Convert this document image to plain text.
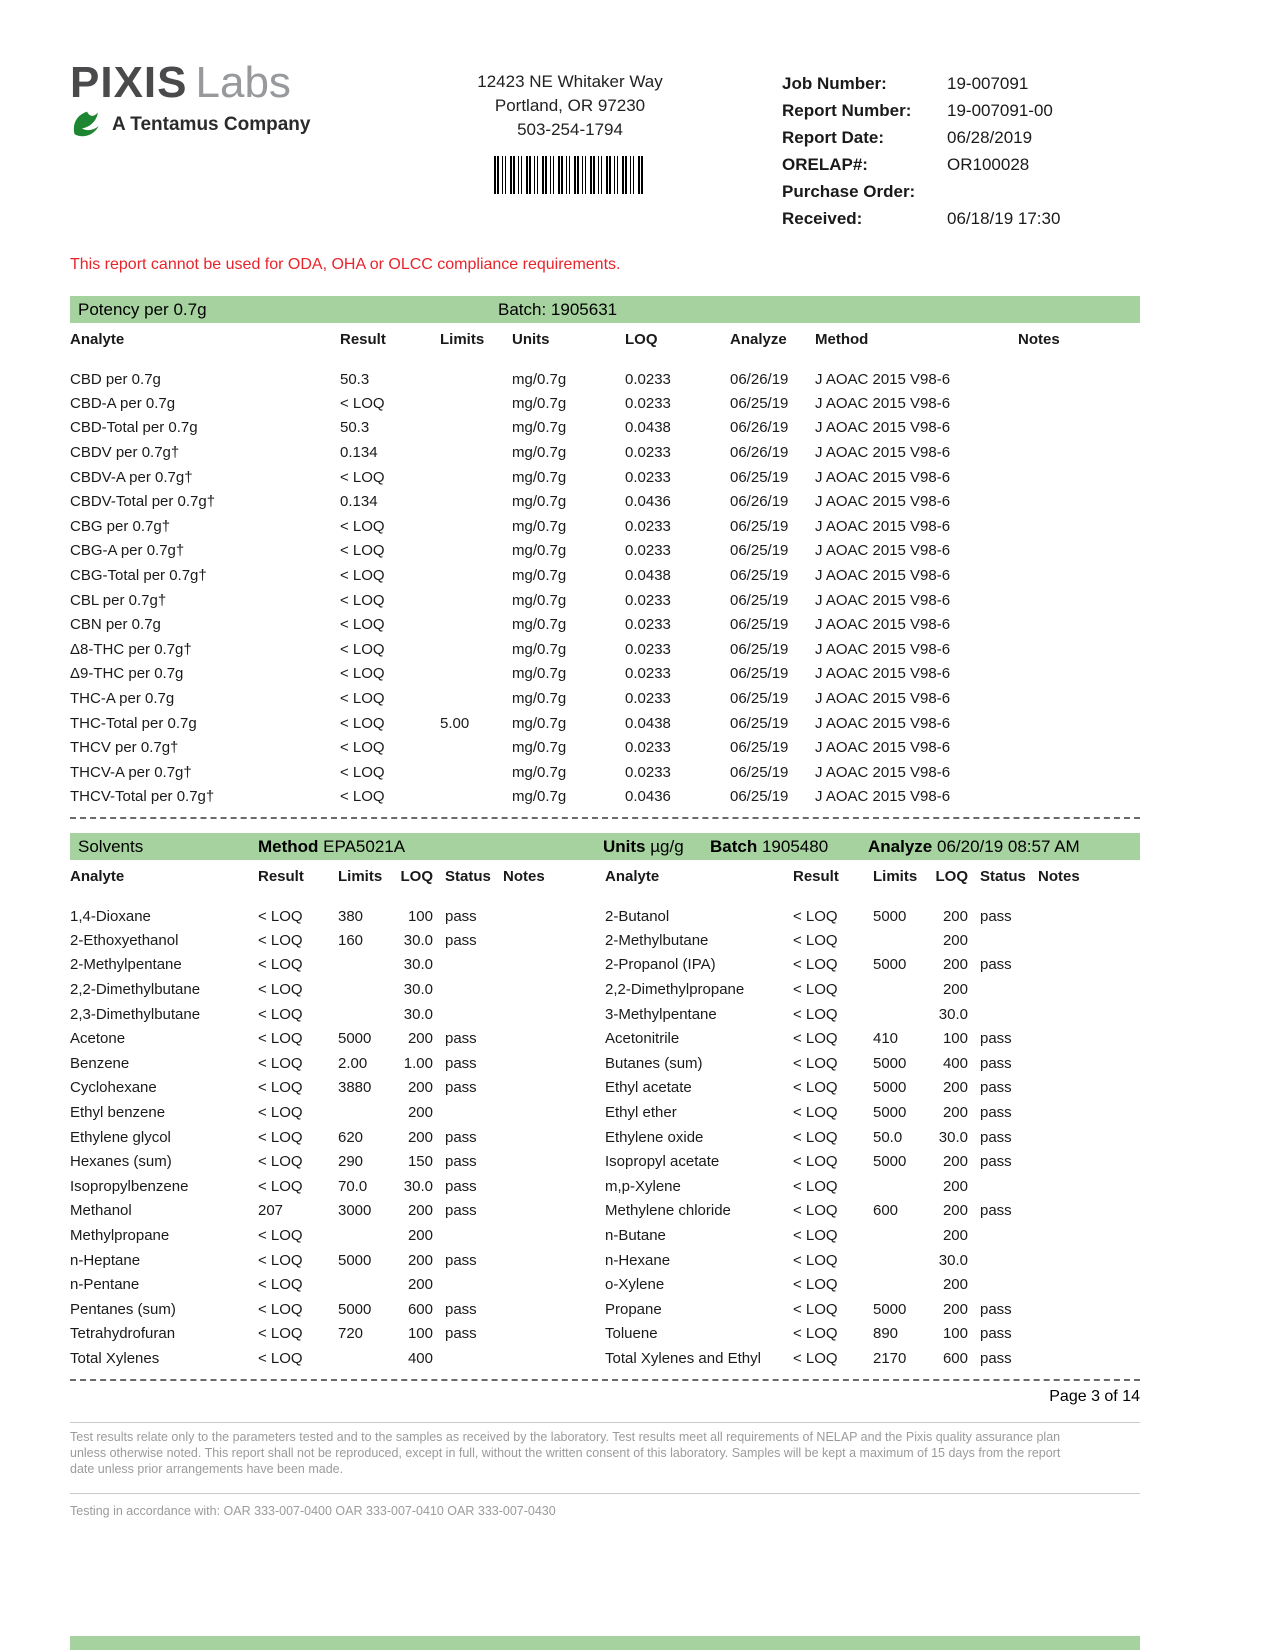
PIXIS Labs
A Tentamus Company
12423 NE Whitaker Way
Portland, OR 97230
503-254-1794
Job Number:	19-007091
Report Number:	19-007091-00
Report Date:	06/28/2019
ORELAP#:	OR100028
Purchase Order:
Received:	06/18/19 17:30
This report cannot be used for ODA, OHA or OLCC compliance requirements.
Potency per 0.7g	Batch: 1905631
Analyte	Result	Limits	Units	LOQ	Analyze	Method	Notes
CBD per 0.7g	50.3		mg/0.7g	0.0233	06/26/19	J AOAC 2015 V98-6	
CBD-A per 0.7g	< LOQ		mg/0.7g	0.0233	06/25/19	J AOAC 2015 V98-6	
CBD-Total per 0.7g	50.3		mg/0.7g	0.0438	06/26/19	J AOAC 2015 V98-6	
CBDV per 0.7g†	0.134		mg/0.7g	0.0233	06/26/19	J AOAC 2015 V98-6	
CBDV-A per 0.7g†	< LOQ		mg/0.7g	0.0233	06/25/19	J AOAC 2015 V98-6	
CBDV-Total per 0.7g†	0.134		mg/0.7g	0.0436	06/26/19	J AOAC 2015 V98-6	
CBG per 0.7g†	< LOQ		mg/0.7g	0.0233	06/25/19	J AOAC 2015 V98-6	
CBG-A per 0.7g†	< LOQ		mg/0.7g	0.0233	06/25/19	J AOAC 2015 V98-6	
CBG-Total per 0.7g†	< LOQ		mg/0.7g	0.0438	06/25/19	J AOAC 2015 V98-6	
CBL per 0.7g†	< LOQ		mg/0.7g	0.0233	06/25/19	J AOAC 2015 V98-6	
CBN per 0.7g	< LOQ		mg/0.7g	0.0233	06/25/19	J AOAC 2015 V98-6	
Δ8-THC per 0.7g†	< LOQ		mg/0.7g	0.0233	06/25/19	J AOAC 2015 V98-6	
Δ9-THC per 0.7g	< LOQ		mg/0.7g	0.0233	06/25/19	J AOAC 2015 V98-6	
THC-A per 0.7g	< LOQ		mg/0.7g	0.0233	06/25/19	J AOAC 2015 V98-6	
THC-Total per 0.7g	< LOQ	5.00	mg/0.7g	0.0438	06/25/19	J AOAC 2015 V98-6	
THCV per 0.7g†	< LOQ		mg/0.7g	0.0233	06/25/19	J AOAC 2015 V98-6	
THCV-A per 0.7g†	< LOQ		mg/0.7g	0.0233	06/25/19	J AOAC 2015 V98-6	
THCV-Total per 0.7g†	< LOQ		mg/0.7g	0.0436	06/25/19	J AOAC 2015 V98-6	
Solvents	Method EPA5021A	Units µg/g Batch 1905480 Analyze 06/20/19 08:57 AM
Analyte	Result	Limits	LOQ	Status	Notes
1,4-Dioxane	< LOQ	380	100	pass	
2-Ethoxyethanol	< LOQ	160	30.0	pass	
2-Methylpentane	< LOQ		30.0		
2,2-Dimethylbutane	< LOQ		30.0		
2,3-Dimethylbutane	< LOQ		30.0		
Acetone	< LOQ	5000	200	pass	
Benzene	< LOQ	2.00	1.00	pass	
Cyclohexane	< LOQ	3880	200	pass	
Ethyl benzene	< LOQ		200		
Ethylene glycol	< LOQ	620	200	pass	
Hexanes (sum)	< LOQ	290	150	pass	
Isopropylbenzene	< LOQ	70.0	30.0	pass	
Methanol	207	3000	200	pass	
Methylpropane	< LOQ		200		
n-Heptane	< LOQ	5000	200	pass	
n-Pentane	< LOQ		200		
Pentanes (sum)	< LOQ	5000	600	pass	
Tetrahydrofuran	< LOQ	720	100	pass	
Total Xylenes	< LOQ		400		
Analyte	Result	Limits	LOQ	Status	Notes
2-Butanol	< LOQ	5000	200	pass	
2-Methylbutane	< LOQ		200		
2-Propanol (IPA)	< LOQ	5000	200	pass	
2,2-Dimethylpropane	< LOQ		200		
3-Methylpentane	< LOQ		30.0		
Acetonitrile	< LOQ	410	100	pass	
Butanes (sum)	< LOQ	5000	400	pass	
Ethyl acetate	< LOQ	5000	200	pass	
Ethyl ether	< LOQ	5000	200	pass	
Ethylene oxide	< LOQ	50.0	30.0	pass	
Isopropyl acetate	< LOQ	5000	200	pass	
m,p-Xylene	< LOQ		200		
Methylene chloride	< LOQ	600	200	pass	
n-Butane	< LOQ		200		
n-Hexane	< LOQ		30.0		
o-Xylene	< LOQ		200		
Propane	< LOQ	5000	200	pass	
Toluene	< LOQ	890	100	pass	
Total Xylenes and Ethyl	< LOQ	2170	600	pass	
Page 3 of 14
Test results relate only to the parameters tested and to the samples as received by the laboratory. Test results meet all requirements of NELAP and the Pixis quality assurance plan unless otherwise noted. This report shall not be reproduced, except in full, without the written consent of this laboratory. Samples will be kept a maximum of 15 days from the report date unless prior arrangements have been made.
Testing in accordance with: OAR 333-007-0400 OAR 333-007-0410 OAR 333-007-0430
